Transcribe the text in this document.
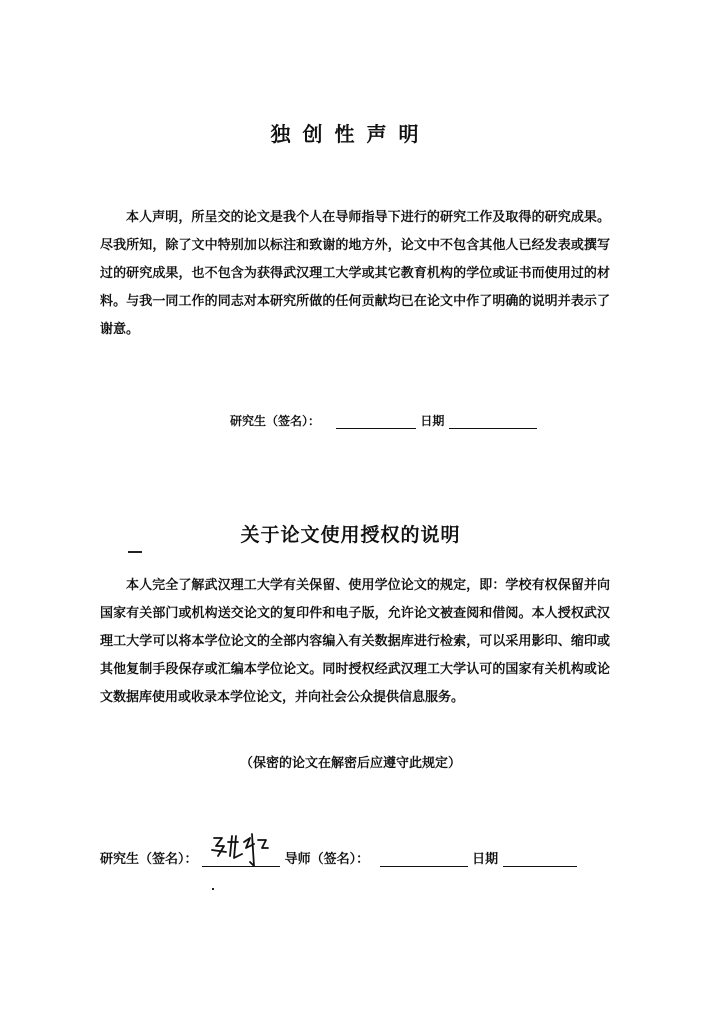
独创性声明
本人声明，所呈交的论文是我个人在导师指导下进行的研究工作及取得的研究成果。尽我所知，除了文中特别加以标注和致谢的地方外，论文中不包含其他人已经发表或撰写过的研究成果，也不包含为获得武汉理工大学或其它教育机构的学位或证书而使用过的材料。与我一同工作的同志对本研究所做的任何贡献均已在论文中作了明确的说明并表示了谢意。
研究生（签名）：	日期
关于论文使用授权的说明
本人完全了解武汉理工大学有关保留、使用学位论文的规定，即：学校有权保留并向国家有关部门或机构送交论文的复印件和电子版，允许论文被查阅和借阅。本人授权武汉理工大学可以将本学位论文的全部内容编入有关数据库进行检索，可以采用影印、缩印或其他复制手段保存或汇编本学位论文。同时授权经武汉理工大学认可的国家有关机构或论文数据库使用或收录本学位论文，并向社会公众提供信息服务。
（保密的论文在解密后应遵守此规定）
研究生（签名）：	导师（签名）：	日期
